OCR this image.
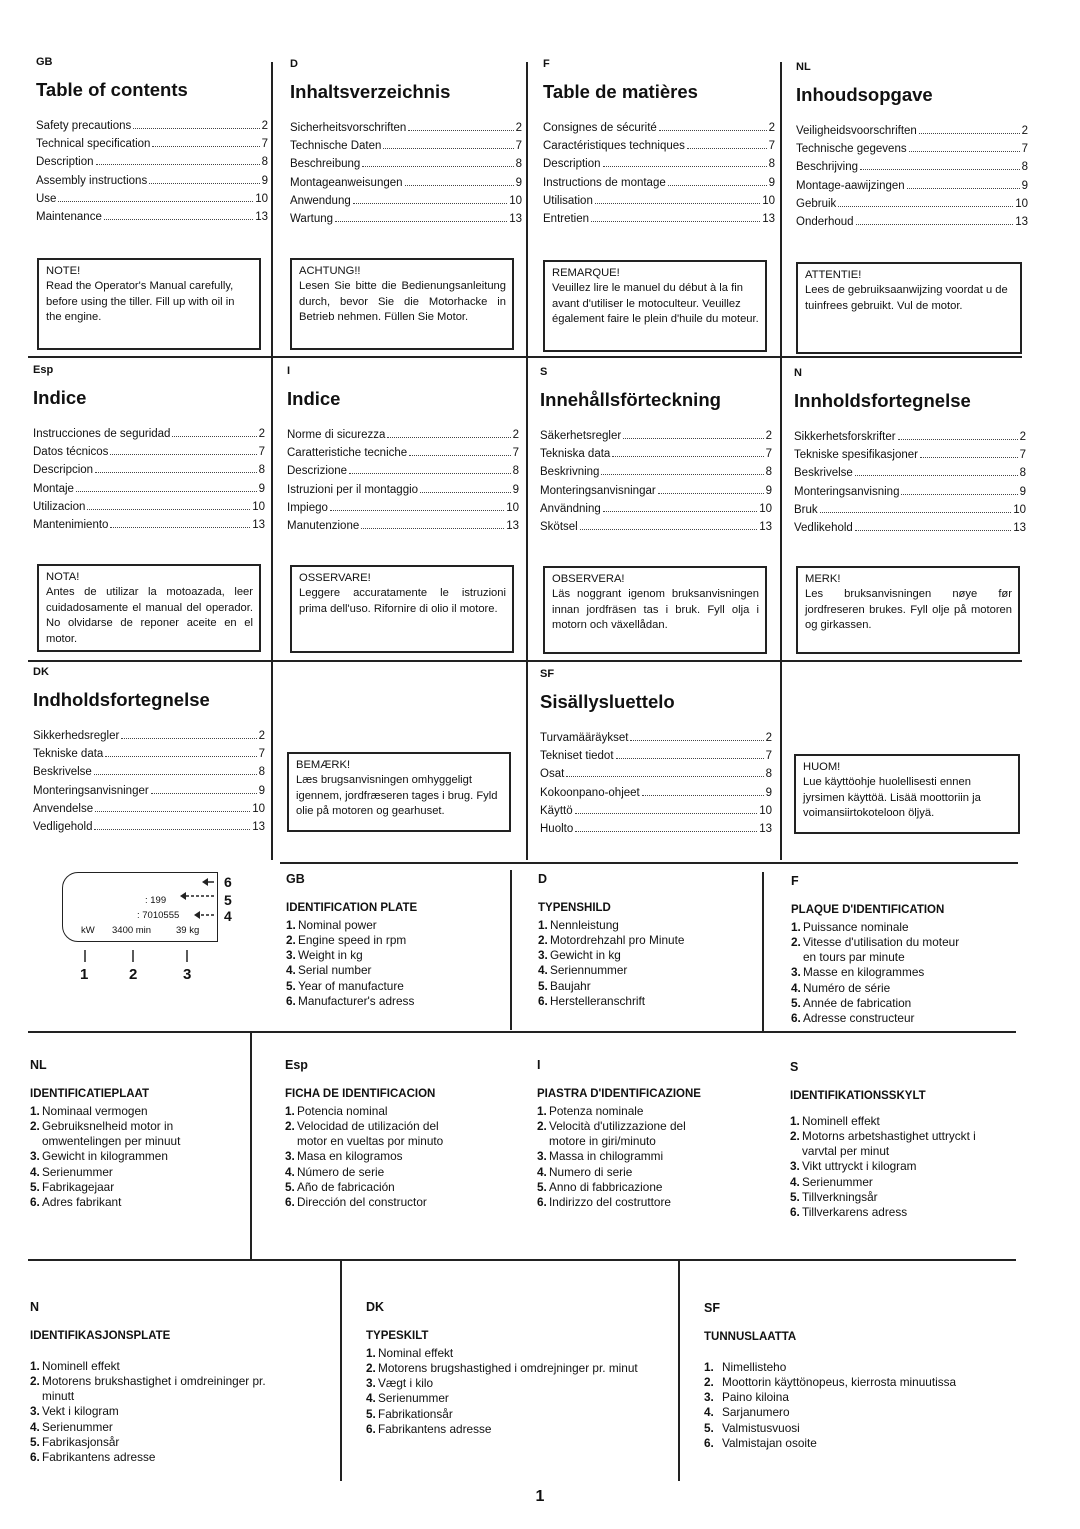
GB
Table of contents
Safety precautions	2
Technical specification	7
Description	8
Assembly instructions	9
Use	10
Maintenance	13
NOTE!
Read the Operator's Manual carefully, before using the tiller. Fill up with oil in the engine.
D
Inhaltsverzeichnis
Sicherheitsvorschriften	2
Technische Daten	7
Beschreibung	8
Montageanweisungen	9
Anwendung	10
Wartung	13
ACHTUNG!!
Lesen Sie bitte die Bedienungsanleitung durch, bevor Sie die Motorhacke in Betrieb nehmen. Füllen Sie Motor.
F
Table de matières
Consignes de sécurité	2
Caractéristiques techniques	7
Description	8
Instructions de montage	9
Utilisation	10
Entretien	13
REMARQUE!
Veuillez lire le manuel du début à la fin avant d'utiliser le motoculteur. Veuillez également faire le plein d'huile du moteur.
NL
Inhoudsopgave
Veiligheidsvoorschriften	2
Technische gegevens	7
Beschrijving	8
Montage-aawijzingen	9
Gebruik	10
Onderhoud	13
ATTENTIE!
Lees de gebruiksaanwijzing voordat u de tuinfrees gebruikt. Vul de motor.
Esp
Indice
Instrucciones de seguridad	2
Datos técnicos	7
Descripcion	8
Montaje	9
Utilizacion	10
Mantenimiento	13
NOTA!
Antes de utilizar la motoazada, leer cuidadosamente el manual del operador. No olvidarse de reponer aceite en el motor.
I
Indice
Norme di sicurezza	2
Caratteristiche tecniche	7
Descrizione	8
Istruzioni per il montaggio	9
Impiego	10
Manutenzione	13
OSSERVARE!
Leggere accuratamente le istruzioni prima dell'uso. Rifornire di olio il motore.
S
Innehållsförteckning
Säkerhetsregler	2
Tekniska data	7
Beskrivning	8
Monteringsanvisningar	9
Användning	10
Skötsel	13
OBSERVERA!
Läs noggrant igenom bruksanvisningen innan jordfräsen tas i bruk. Fyll olja i motorn och växellådan.
N
Innholdsfortegnelse
Sikkerhetsforskrifter	2
Tekniske spesifikasjoner	7
Beskrivelse	8
Monteringsanvisning	9
Bruk	10
Vedlikehold	13
MERK!
Les bruksanvisningen nøye før jordfreseren brukes. Fyll olje på motoren og girkassen.
DK
Indholdsfortegnelse
Sikkerhedsregler	2
Tekniske data	7
Beskrivelse	8
Monteringsanvisninger	9
Anvendelse	10
Vedligehold	13
BEMÆRK!
Læs brugsanvisningen omhyggeligt igennem, jordfræseren tages i brug. Fyld olie på motoren og gearhuset.
SF
Sisällysluettelo
Turvamääräykset	2
Tekniset tiedot	7
Osat	8
Kokoonpano-ohjeet	9
Käyttö	10
Huolto	13
HUOM!
Lue käyttöohje huolellisesti ennen jyrsimen käyttöä. Lisää moottoriin ja voimansiirtokoteloon öljyä.
: 199
: 7010555
kW 3400 min	39 kg
6
5
4
1	2	3
GB
IDENTIFICATION PLATE
1. Nominal power
2. Engine speed in rpm
3. Weight in kg
4. Serial number
5. Year of manufacture
6. Manufacturer's adress
D
TYPENSHILD
1. Nennleistung
2. Motordrehzahl pro Minute
3. Gewicht in kg
4. Seriennummer
5. Baujahr
6. Herstelleranschrift
F
PLAQUE D'IDENTIFICATION
1. Puissance nominale
2. Vitesse d'utilisation du moteur en tours par minute
3. Masse en kilogrammes
4. Numéro de série
5. Année de fabrication
6. Adresse constructeur
NL
IDENTIFICATIEPLAAT
1. Nominaal vermogen
2. Gebruiksnelheid motor in omwentelingen per minuut
3. Gewicht in kilogrammen
4. Serienummer
5. Fabrikagejaar
6. Adres fabrikant
Esp
FICHA DE IDENTIFICACION
1. Potencia nominal
2. Velocidad de utilización del motor en vueltas por minuto
3. Masa en kilogramos
4. Número de serie
5. Año de fabricación
6. Dirección del constructor
I
PIASTRA D'IDENTIFICAZIONE
1. Potenza nominale
2. Velocità d'utilizzazione del motore in giri/minuto
3. Massa in chilogrammi
4. Numero di serie
5. Anno di fabbricazione
6. Indirizzo del costruttore
S
IDENTIFIKATIONSSKYLT
1. Nominell effekt
2. Motorns arbetshastighet uttryckt i varvtal per minut
3. Vikt uttryckt i kilogram
4. Serienummer
5. Tillverkningsår
6. Tillverkarens adress
N
IDENTIFIKASJONSPLATE
1. Nominell effekt
2. Motorens brukshastighet i omdreininger pr. minutt
3. Vekt i kilogram
4. Serienummer
5. Fabrikasjonsår
6. Fabrikantens adresse
DK
TYPESKILT
1. Nominal effekt
2. Motorens brugshastighed i omdrejninger pr. minut
3. Vægt i kilo
4. Serienummer
5. Fabrikationsår
6. Fabrikantens adresse
SF
TUNNUSLAATTA
1. Nimellisteho
2. Moottorin käyttönopeus, kierrosta minuutissa
3. Paino kiloina
4. Sarjanumero
5. Valmistusvuosi
6. Valmistajan osoite
1
